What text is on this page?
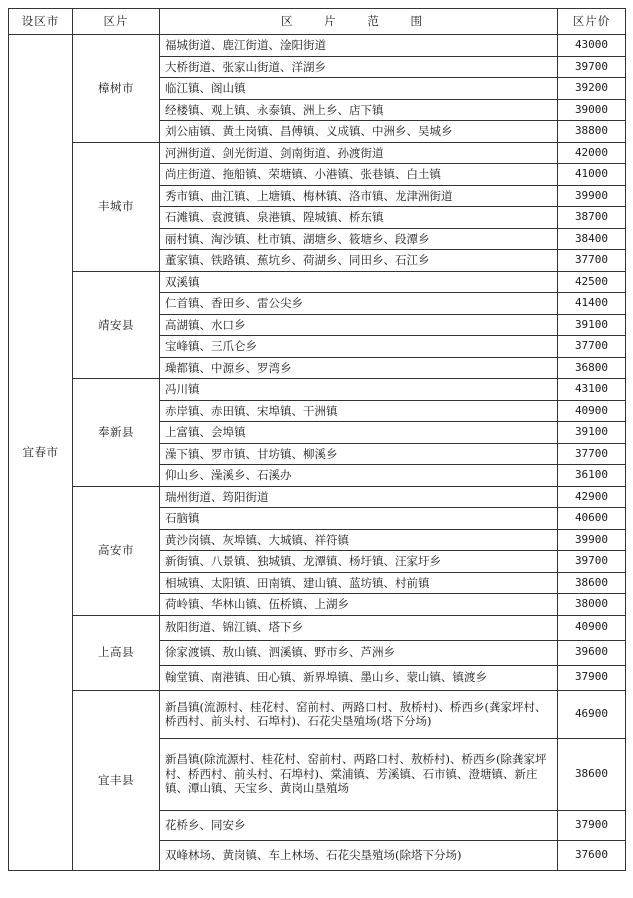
设区市	区片	区 片 范 围	区片价
宜春市	樟树市	福城街道、鹿江街道、淦阳街道	43000
		大桥街道、张家山街道、洋湖乡	39700
		临江镇、阁山镇	39200
		经楼镇、观上镇、永泰镇、洲上乡、店下镇	39000
		刘公庙镇、黄土岗镇、昌傅镇、义成镇、中洲乡、吴城乡	38800
	丰城市	河洲街道、剑光街道、剑南街道、孙渡街道	42000
		尚庄街道、拖船镇、荣塘镇、小港镇、张巷镇、白土镇	41000
		秀市镇、曲江镇、上塘镇、梅林镇、洛市镇、龙津洲街道	39900
		石滩镇、袁渡镇、泉港镇、隍城镇、桥东镇	38700
		丽村镇、淘沙镇、杜市镇、湖塘乡、筱塘乡、段潭乡	38400
		董家镇、铁路镇、蕉坑乡、荷湖乡、同田乡、石江乡	37700
	靖安县	双溪镇	42500
		仁首镇、香田乡、雷公尖乡	41400
		高湖镇、水口乡	39100
		宝峰镇、三爪仑乡	37700
		璪都镇、中源乡、罗湾乡	36800
	奉新县	冯川镇	43100
		赤岸镇、赤田镇、宋埠镇、干洲镇	40900
		上富镇、会埠镇	39100
		澡下镇、罗市镇、甘坊镇、柳溪乡	37700
		仰山乡、澡溪乡、石溪办	36100
	高安市	瑞州街道、筠阳街道	42900
		石脑镇	40600
		黄沙岗镇、灰埠镇、大城镇、祥符镇	39900
		新街镇、八景镇、独城镇、龙潭镇、杨圩镇、汪家圩乡	39700
		相城镇、太阳镇、田南镇、建山镇、蓝坊镇、村前镇	38600
		荷岭镇、华林山镇、伍桥镇、上湖乡	38000
	上高县	敖阳街道、锦江镇、塔下乡	40900
		徐家渡镇、敖山镇、泗溪镇、野市乡、芦洲乡	39600
		翰堂镇、南港镇、田心镇、新界埠镇、墨山乡、蒙山镇、镇渡乡	37900
	宜丰县	新昌镇(流源村、桂花村、窑前村、两路口村、敖桥村)、桥西乡(龚家坪村、桥西村、前头村、石埠村)、石花尖垦殖场(塔下分场)	46900
		新昌镇(除流源村、桂花村、窑前村、两路口村、敖桥村)、桥西乡(除龚家坪村、桥西村、前头村、石埠村)、棠浦镇、芳溪镇、石市镇、澄塘镇、新庄镇、潭山镇、天宝乡、黄岗山垦殖场	38600
		花桥乡、同安乡	37900
		双峰林场、黄岗镇、车上林场、石花尖垦殖场(除塔下分场)	37600
